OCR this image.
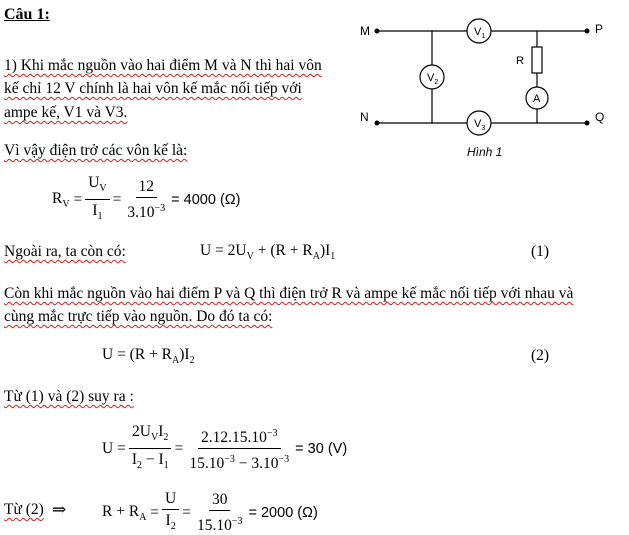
Câu 1:
1) Khi mắc nguồn vào hai điểm M và N thì hai vôn
kế chỉ 12 V chính là hai vôn kế mắc nối tiếp với
ampe kế, V1 và V3.
Vì vậy điện trở các vôn kế là:
$R_V = \frac{U_V}{I_1} = \frac{12}{3.10^{-3}} = 4000$ (Ω)
Ngoài ra, ta còn có:	$U = 2U_V + (R + R_A)I_1$	(1)
Còn khi mắc nguồn vào hai điểm P và Q thì điện trở R và ampe kế mắc nối tiếp với nhau và
cùng mắc trực tiếp vào nguồn. Do đó ta có:
$U = (R + R_A)I_2$	(2)
Từ (1) và (2) suy ra :
$U = \frac{2U_VI_2}{I_2 - I_1} = \frac{2.12.15.10^{-3}}{15.10^{-3} - 3.10^{-3}} = 30$ (V)
Từ (2) ⇒ $R + R_A = \frac{U}{I_2} = \frac{30}{15.10^{-3}} = 2000$ (Ω)
$V_1$
$V_2$
$V_3$
R
A
M
N
P
Q
Hình 1
